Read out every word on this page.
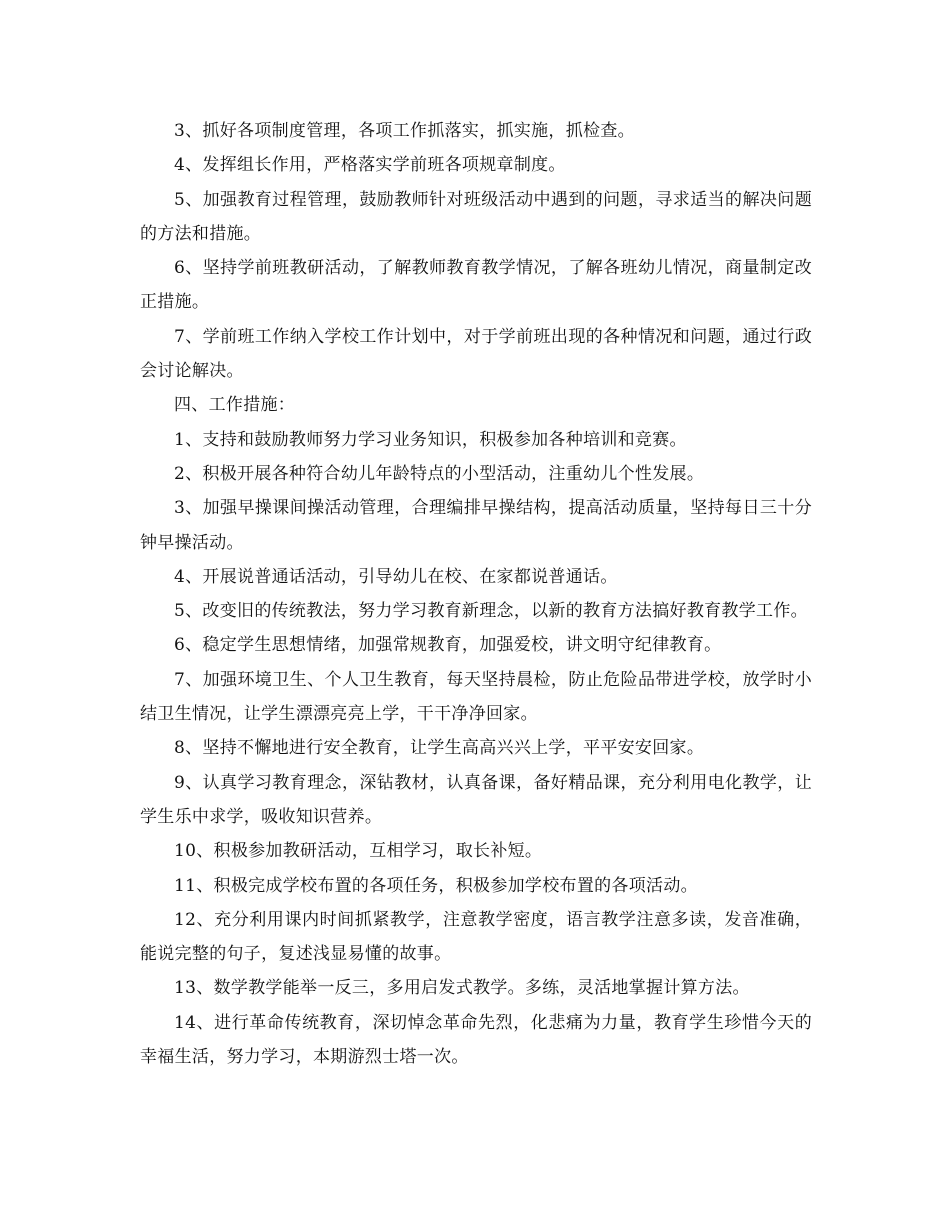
3、抓好各项制度管理，各项工作抓落实，抓实施，抓检查。

4、发挥组长作用，严格落实学前班各项规章制度。

5、加强教育过程管理，鼓励教师针对班级活动中遇到的问题，寻求适当的解决问题的方法和措施。

6、坚持学前班教研活动，了解教师教育教学情况，了解各班幼儿情况，商量制定改正措施。

7、学前班工作纳入学校工作计划中，对于学前班出现的各种情况和问题，通过行政会讨论解决。

四、工作措施：

1、支持和鼓励教师努力学习业务知识，积极参加各种培训和竞赛。

2、积极开展各种符合幼儿年龄特点的小型活动，注重幼儿个性发展。

3、加强早操课间操活动管理，合理编排早操结构，提高活动质量，坚持每日三十分钟早操活动。

4、开展说普通话活动，引导幼儿在校、在家都说普通话。

5、改变旧的传统教法，努力学习教育新理念，以新的教育方法搞好教育教学工作。

6、稳定学生思想情绪，加强常规教育，加强爱校，讲文明守纪律教育。

7、加强环境卫生、个人卫生教育，每天坚持晨检，防止危险品带进学校，放学时小结卫生情况，让学生漂漂亮亮上学，干干净净回家。

8、坚持不懈地进行安全教育，让学生高高兴兴上学，平平安安回家。

9、认真学习教育理念，深钻教材，认真备课，备好精品课，充分利用电化教学，让学生乐中求学，吸收知识营养。

10、积极参加教研活动，互相学习，取长补短。

11、积极完成学校布置的各项任务，积极参加学校布置的各项活动。

12、充分利用课内时间抓紧教学，注意教学密度，语言教学注意多读，发音准确，能说完整的句子，复述浅显易懂的故事。

13、数学教学能举一反三，多用启发式教学。多练，灵活地掌握计算方法。

14、进行革命传统教育，深切悼念革命先烈，化悲痛为力量，教育学生珍惜今天的幸福生活，努力学习，本期游烈士塔一次。
